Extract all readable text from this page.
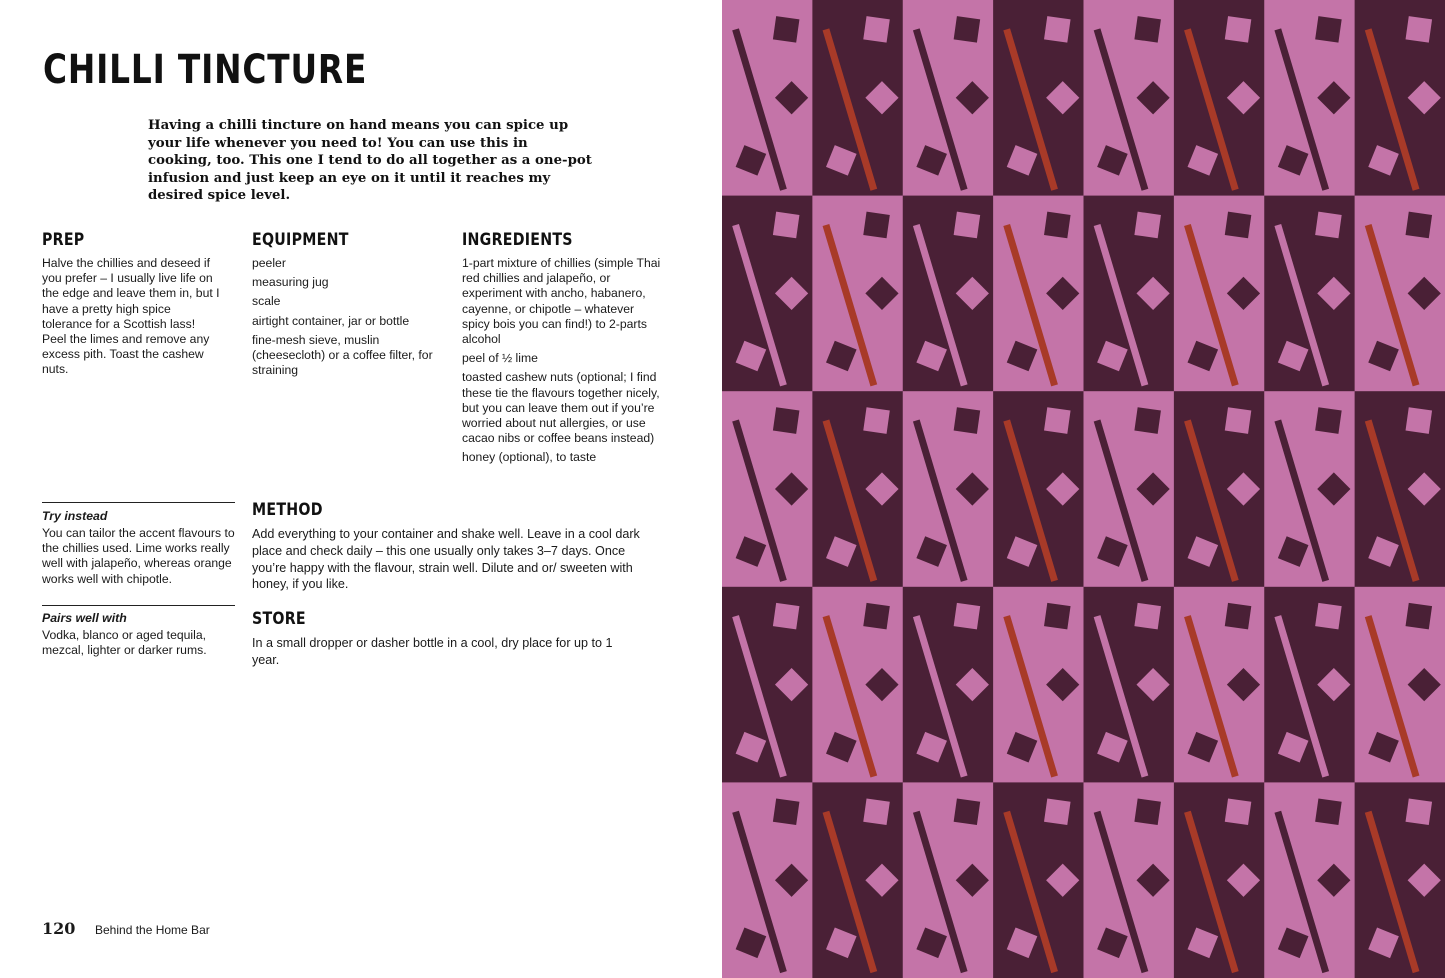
CHILLI TINCTURE

Having a chilli tincture on hand means you can spice up your life whenever you need to! You can use this in cooking, too. This one I tend to do all together as a one-pot infusion and just keep an eye on it until it reaches my desired spice level.

PREP

Halve the chillies and deseed if you prefer – I usually live life on the edge and leave them in, but I have a pretty high spice tolerance for a Scottish lass! Peel the limes and remove any excess pith. Toast the cashew nuts.

EQUIPMENT
peeler
measuring jug
scale
airtight container, jar or bottle
fine-mesh sieve, muslin (cheesecloth) or a coffee filter, for straining
INGREDIENTS
1-part mixture of chillies (simple Thai red chillies and jalapeño, or experiment with ancho, habanero, cayenne, or chipotle – whatever spicy bois you can find!) to 2-parts alcohol
peel of ½ lime
toasted cashew nuts (optional; I find these tie the flavours together nicely, but you can leave them out if you’re worried about nut allergies, or use cacao nibs or coffee beans instead)
honey (optional), to taste
Try instead

You can tailor the accent flavours to the chillies used. Lime works really well with jalapeño, whereas orange works well with chipotle.

Pairs well with

Vodka, blanco or aged tequila, mezcal, lighter or darker rums.

METHOD

Add everything to your container and shake well. Leave in a cool dark place and check daily – this one usually only takes 3–7 days. Once you’re happy with the flavour, strain well. Dilute and or/ sweeten with honey, if you like.

STORE

In a small dropper or dasher bottle in a cool, dry place for up to 1 year.

120 Behind the Home Bar
